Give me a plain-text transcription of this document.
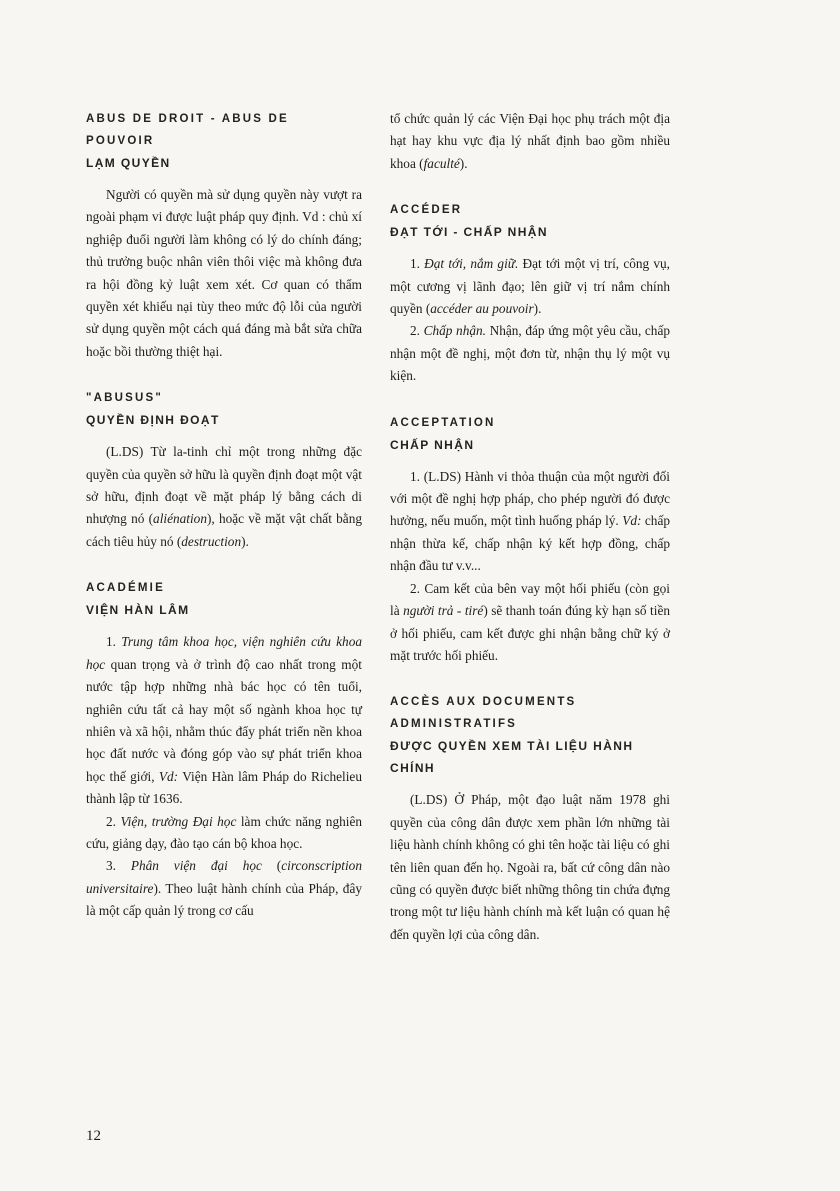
ABUS DE DROIT - ABUS DE POUVOIR

LẠM QUYỀN

Người có quyền mà sử dụng quyền này vượt ra ngoài phạm vi được luật pháp quy định. Vd : chủ xí nghiệp đuổi người làm không có lý do chính đáng; thủ trưởng buộc nhân viên thôi việc mà không đưa ra hội đồng kỷ luật xem xét. Cơ quan có thẩm quyền xét khiếu nại tùy theo mức độ lỗi của người sử dụng quyền một cách quá đáng mà bắt sửa chữa hoặc bồi thường thiệt hại.

"ABUSUS"

QUYỀN ĐỊNH ĐOẠT

(L.DS) Từ la-tinh chỉ một trong những đặc quyền của quyền sở hữu là quyền định đoạt một vật sở hữu, định đoạt về mặt pháp lý bằng cách di nhượng nó (aliénation), hoặc về mặt vật chất bằng cách tiêu hủy nó (destruction).

ACADÉMIE

VIỆN HÀN LÂM

1. Trung tâm khoa học, viện nghiên cứu khoa học quan trọng và ở trình độ cao nhất trong một nước tập hợp những nhà bác học có tên tuổi, nghiên cứu tất cả hay một số ngành khoa học tự nhiên và xã hội, nhằm thúc đẩy phát triển nền khoa học đất nước và đóng góp vào sự phát triển khoa học thế giới, Vd: Viện Hàn lâm Pháp do Richelieu thành lập từ 1636.

2. Viện, trường Đại học làm chức năng nghiên cứu, giảng dạy, đào tạo cán bộ khoa học.

3. Phân viện đại học (circonscription universitaire). Theo luật hành chính của Pháp, đây là một cấp quản lý trong cơ cấu

tổ chức quản lý các Viện Đại học phụ trách một địa hạt hay khu vực địa lý nhất định bao gồm nhiều khoa (faculté).

ACCÉDER

ĐẠT TỚI - CHẤP NHẬN

1. Đạt tới, nắm giữ. Đạt tới một vị trí, công vụ, một cương vị lãnh đạo; lên giữ vị trí nắm chính quyền (accéder au pouvoir).

2. Chấp nhận. Nhận, đáp ứng một yêu cầu, chấp nhận một đề nghị, một đơn từ, nhận thụ lý một vụ kiện.

ACCEPTATION

CHẤP NHẬN

1. (L.DS) Hành vi thỏa thuận của một người đối với một đề nghị hợp pháp, cho phép người đó được hưởng, nếu muốn, một tình huống pháp lý. Vd: chấp nhận thừa kế, chấp nhận ký kết hợp đồng, chấp nhận đầu tư v.v...

2. Cam kết của bên vay một hối phiếu (còn gọi là người trả - tiré) sẽ thanh toán đúng kỳ hạn số tiền ở hối phiếu, cam kết được ghi nhận bằng chữ ký ở mặt trước hối phiếu.

ACCÈS AUX DOCUMENTS ADMINISTRATIFS

ĐƯỢC QUYỀN XEM TÀI LIỆU HÀNH CHÍNH

(L.DS) Ở Pháp, một đạo luật năm 1978 ghi quyền của công dân được xem phần lớn những tài liệu hành chính không có ghi tên hoặc tài liệu có ghi tên liên quan đến họ. Ngoài ra, bất cứ công dân nào cũng có quyền được biết những thông tin chứa đựng trong một tư liệu hành chính mà kết luận có quan hệ đến quyền lợi của công dân.

12
